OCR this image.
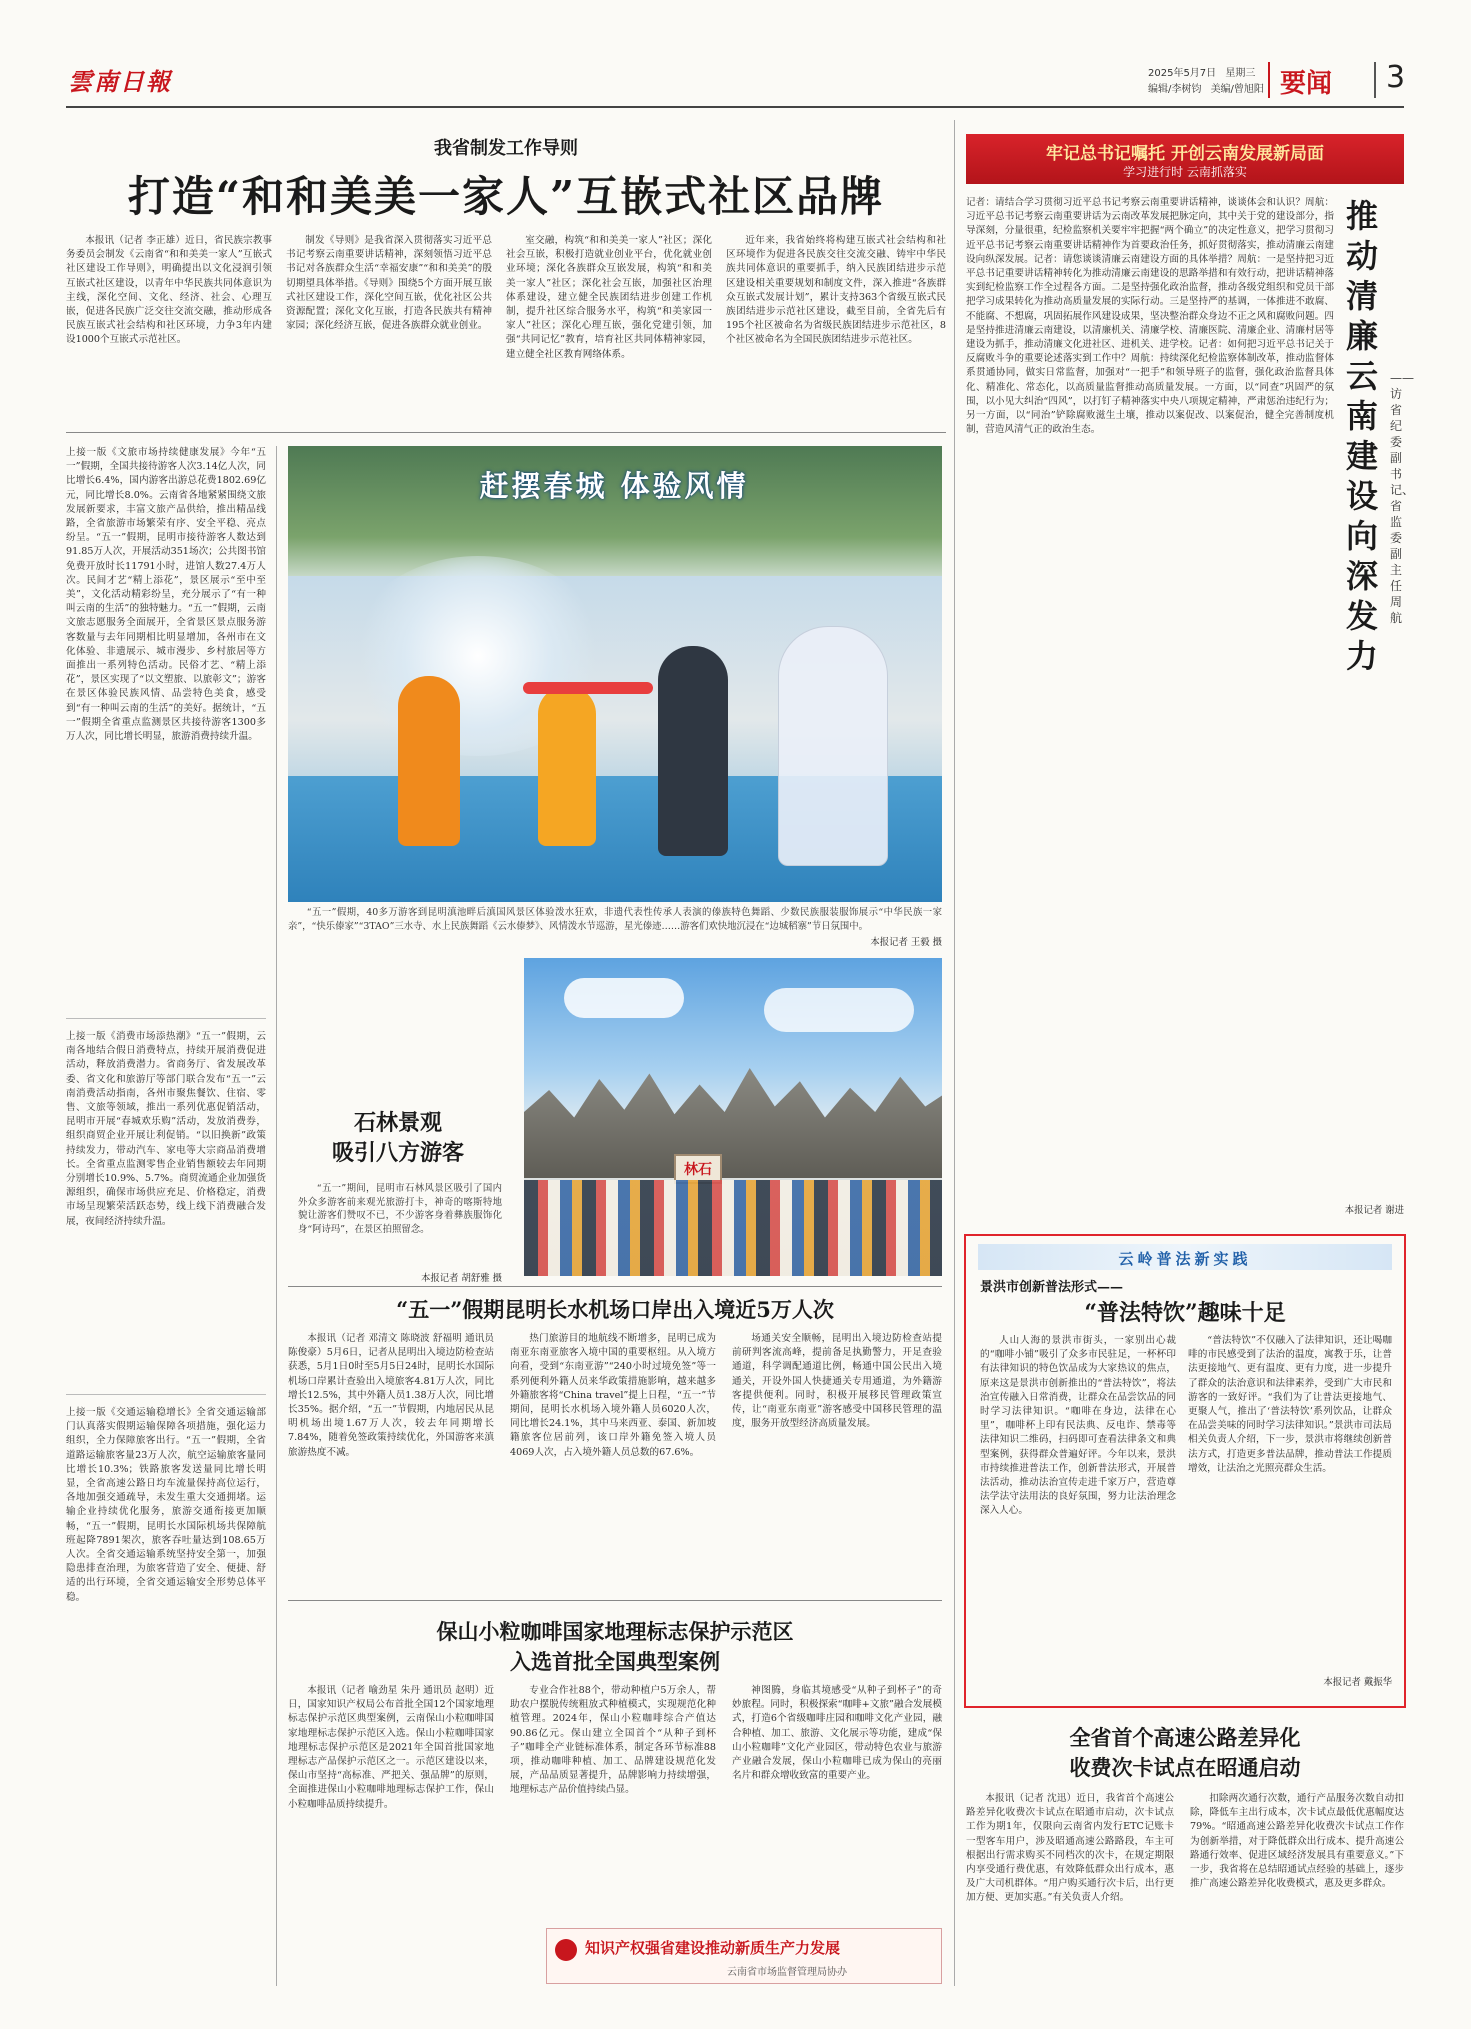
雲南日報	2025年5月7日 星期三
编辑/李树钧 美编/曾旭阳 要闻 3
我省制发工作导则
打造“和和美美一家人”互嵌式社区品牌
本报讯（记者 李正雄）近日，省民族宗教事务委员会制发《云南省“和和美美一家人”互嵌式社区建设工作导则》，明确提出以文化浸润引领互嵌式社区建设，以青年中华民族共同体意识为主线，深化空间、文化、经济、社会、心理互嵌，促进各民族广泛交往交流交融，推动形成各民族互嵌式社会结构和社区环境，力争3年内建设1000个互嵌式示范社区。
制发《导则》是我省深入贯彻落实习近平总书记考察云南重要讲话精神，深刻领悟习近平总书记对各族群众生活“幸福安康”“和和美美”的殷切期望具体举措。《导则》围绕5个方面开展互嵌式社区建设工作，深化空间互嵌，优化社区公共资源配置；深化文化互嵌，打造各民族共有精神家园；深化经济互嵌，促进各族群众就业创业。
室交融，构筑“和和美美一家人”社区；深化社会互嵌，积极打造就业创业平台，优化就业创业环境；深化各族群众互嵌发展，构筑“和和美美一家人”社区；深化社会互嵌，加强社区治理体系建设，建立健全民族团结进步创建工作机制，提升社区综合服务水平，构筑“和美家园一家人”社区；深化心理互嵌，强化党建引领，加强“共同记忆”教育，培育社区共同体精神家园，建立健全社区教育网络体系。
近年来，我省始终将构建互嵌式社会结构和社区环境作为促进各民族交往交流交融、铸牢中华民族共同体意识的重要抓手，纳入民族团结进步示范区建设相关重要规划和制度文件，深入推进“各族群众互嵌式发展计划”，累计支持363个省级互嵌式民族团结进步示范社区建设，截至目前，全省先后有195个社区被命名为省级民族团结进步示范社区，8个社区被命名为全国民族团结进步示范社区。
上接一版《文旅市场持续健康发展》今年“五一”假期，全国共接待游客人次3.14亿人次，同比增长6.4%，国内游客出游总花费1802.69亿元，同比增长8.0%。云南省各地紧紧围绕文旅发展新要求，丰富文旅产品供给，推出精品线路，全省旅游市场繁荣有序、安全平稳、亮点纷呈。“五一”假期，昆明市接待游客人数达到91.85万人次，开展活动351场次；公共图书馆免费开放时长11791小时，进馆人数27.4万人次。民间才艺“精上添花”，景区展示“至中至美”，文化活动精彩纷呈，充分展示了“有一种叫云南的生活”的独特魅力。“五一”假期，云南文旅志愿服务全面展开，全省景区景点服务游客数量与去年同期相比明显增加，各州市在文化体验、非遗展示、城市漫步、乡村旅居等方面推出一系列特色活动。民俗才艺、“精上添花”，景区实现了“以文塑旅、以旅彰文”；游客在景区体验民族风情、品尝特色美食，感受到“有一种叫云南的生活”的美好。据统计，“五一”假期全省重点监测景区共接待游客1300多万人次，同比增长明显，旅游消费持续升温。
上接一版《消费市场添热潮》“五一”假期，云南各地结合假日消费特点，持续开展消费促进活动，释放消费潜力。省商务厅、省发展改革委、省文化和旅游厅等部门联合发布“五一”云南消费活动指南，各州市聚焦餐饮、住宿、零售、文旅等领域，推出一系列优惠促销活动，昆明市开展“春城欢乐购”活动，发放消费券，组织商贸企业开展让利促销。“以旧换新”政策持续发力，带动汽车、家电等大宗商品消费增长。全省重点监测零售企业销售额较去年同期分别增长10.9%、5.7%。商贸流通企业加强货源组织，确保市场供应充足、价格稳定，消费市场呈现繁荣活跃态势，线上线下消费融合发展，夜间经济持续升温。
上接一版《交通运输稳增长》全省交通运输部门认真落实假期运输保障各项措施，强化运力组织，全力保障旅客出行。“五一”假期，全省道路运输旅客量23万人次，航空运输旅客量同比增长10.3%；铁路旅客发送量同比增长明显，全省高速公路日均车流量保持高位运行，各地加强交通疏导，未发生重大交通拥堵。运输企业持续优化服务，旅游交通衔接更加顺畅，“五一”假期，昆明长水国际机场共保障航班起降7891架次，旅客吞吐量达到108.65万人次。全省交通运输系统坚持安全第一，加强隐患排查治理，为旅客营造了安全、便捷、舒适的出行环境，全省交通运输安全形势总体平稳。
赶摆春城 体验风情
“五一”假期，40多万游客到昆明滇池畔后滇国风景区体验泼水狂欢，非遗代表性传承人表演的傣族特色舞蹈、少数民族服装服饰展示“中华民族一家亲”，“快乐傣家”“3TAO”三水寺、水上民族舞蹈《云水傣梦》、风情泼水节巡游，星光傣迹……游客们欢快地沉浸在“边城稻寨”节日氛围中。
本报记者 王毅 摄
石林景观
吸引八方游客
“五一”期间，昆明市石林风景区吸引了国内外众多游客前来观光旅游打卡，神奇的喀斯特地貌让游客们赞叹不已，不少游客身着彝族服饰化身“阿诗玛”，在景区拍照留念。
本报记者 胡舒雅 摄
林石
“五一”假期昆明长水机场口岸出入境近5万人次
本报讯（记者 邓清文 陈晓波 舒福明 通讯员 陈俊豪）5月6日，记者从昆明出入境边防检查站获悉，5月1日0时至5月5日24时，昆明长水国际机场口岸累计查验出入境旅客4.81万人次，同比增长12.5%，其中外籍人员1.38万人次，同比增长35%。据介绍，“五一”节假期，内地居民从昆明机场出境1.67万人次，较去年同期增长7.84%，随着免签政策持续优化，外国游客来滇旅游热度不减。
热门旅游目的地航线不断增多，昆明已成为南亚东南亚旅客入境中国的重要枢纽。从入境方向看，受到“东南亚游”“240小时过境免签”等一系列便利外籍人员来华政策措施影响，越来越多外籍旅客将“China travel”提上日程，“五一”节期间，昆明长水机场入境外籍人员6020人次，同比增长24.1%，其中马来西亚、泰国、新加坡籍旅客位居前列，该口岸外籍免签入境人员4069人次，占入境外籍人员总数的67.6%。
场通关安全顺畅，昆明出入境边防检查站提前研判客流高峰，提前备足执勤警力，开足查验通道，科学调配通道比例，畅通中国公民出入境通关，开设外国人快捷通关专用通道，为外籍游客提供便利。同时，积极开展移民管理政策宣传，让“南亚东南亚”游客感受中国移民管理的温度，服务开放型经济高质量发展。
保山小粒咖啡国家地理标志保护示范区
入选首批全国典型案例
本报讯（记者 喻劲星 朱丹 通讯员 赵明）近日，国家知识产权局公布首批全国12个国家地理标志保护示范区典型案例，云南保山小粒咖啡国家地理标志保护示范区入选。保山小粒咖啡国家地理标志保护示范区是2021年全国首批国家地理标志产品保护示范区之一。示范区建设以来，保山市坚持“高标准、严把关、强品牌”的原则，全面推进保山小粒咖啡地理标志保护工作，保山小粒咖啡品质持续提升。
专业合作社88个，带动种植户5万余人，帮助农户摆脱传统粗放式种植模式，实现规范化种植管理。2024年，保山小粒咖啡综合产值达90.86亿元。保山建立全国首个“从种子到杯子”咖啡全产业链标准体系，制定各环节标准88项，推动咖啡种植、加工、品牌建设规范化发展，产品品质显著提升，品牌影响力持续增强，地理标志产品价值持续凸显。
神图腾，身临其境感受“从种子到杯子”的奇妙旅程。同时，积极探索“咖啡+文旅”融合发展模式，打造6个省级咖啡庄园和咖啡文化产业园，融合种植、加工、旅游、文化展示等功能，建成“保山小粒咖啡”文化产业园区，带动特色农业与旅游产业融合发展，保山小粒咖啡已成为保山的亮丽名片和群众增收致富的重要产业。
知识产权强省建设推动新质生产力发展
云南省市场监督管理局协办
牢记总书记嘱托 开创云南发展新局面
学习进行时 云南抓落实
记者：请结合学习贯彻习近平总书记考察云南重要讲话精神，谈谈体会和认识？周航：习近平总书记考察云南重要讲话为云南改革发展把脉定向，其中关于党的建设部分，指导深刻，分量很重，纪检监察机关要牢牢把握“两个确立”的决定性意义，把学习贯彻习近平总书记考察云南重要讲话精神作为首要政治任务，抓好贯彻落实，推动清廉云南建设向纵深发展。记者：请您谈谈清廉云南建设方面的具体举措？周航：一是坚持把习近平总书记重要讲话精神转化为推动清廉云南建设的思路举措和有效行动，把讲话精神落实到纪检监察工作全过程各方面。二是坚持强化政治监督，推动各级党组织和党员干部把学习成果转化为推动高质量发展的实际行动。三是坚持严的基调，一体推进不敢腐、不能腐、不想腐，巩固拓展作风建设成果，坚决整治群众身边不正之风和腐败问题。四是坚持推进清廉云南建设，以清廉机关、清廉学校、清廉医院、清廉企业、清廉村居等建设为抓手，推动清廉文化进社区、进机关、进学校。记者：如何把习近平总书记关于反腐败斗争的重要论述落实到工作中？周航：持续深化纪检监察体制改革，推动监督体系贯通协同，做实日常监督，加强对“一把手”和领导班子的监督，强化政治监督具体化、精准化、常态化，以高质量监督推动高质量发展。一方面，以“同查”巩固严的氛围，以小见大纠治“四风”，以打钉子精神落实中央八项规定精神，严肃惩治违纪行为；另一方面，以“同治”铲除腐败滋生土壤，推动以案促改、以案促治，健全完善制度机制，营造风清气正的政治生态。
本报记者 谢进
推动清廉云南建设向深发力
——访省纪委副书记、省监委副主任周航
云岭普法新实践
景洪市创新普法形式——
“普法特饮”趣味十足
人山人海的景洪市街头，一家别出心裁的“咖啡小铺”吸引了众多市民驻足，一杯杯印有法律知识的特色饮品成为大家热议的焦点，原来这是景洪市创新推出的“普法特饮”，将法治宣传融入日常消费，让群众在品尝饮品的同时学习法律知识。“咖啡在身边，法律在心里”，咖啡杯上印有民法典、反电诈、禁毒等法律知识二维码，扫码即可查看法律条文和典型案例，获得群众普遍好评。今年以来，景洪市持续推进普法工作，创新普法形式，开展普法活动，推动法治宣传走进千家万户，营造尊法学法守法用法的良好氛围，努力让法治理念深入人心。
“普法特饮”不仅融入了法律知识，还让喝咖啡的市民感受到了法治的温度，寓教于乐，让普法更接地气、更有温度、更有力度，进一步提升了群众的法治意识和法律素养，受到广大市民和游客的一致好评。“我们为了让普法更接地气、更聚人气，推出了‘普法特饮’系列饮品，让群众在品尝美味的同时学习法律知识。”景洪市司法局相关负责人介绍，下一步，景洪市将继续创新普法方式，打造更多普法品牌，推动普法工作提质增效，让法治之光照亮群众生活。
本报记者 戴振华
全省首个高速公路差异化
收费次卡试点在昭通启动
本报讯（记者 沈迅）近日，我省首个高速公路差异化收费次卡试点在昭通市启动，次卡试点工作为期1年，仅限向云南省内发行ETC记账卡一型客车用户，涉及昭通高速公路路段，车主可根据出行需求购买不同档次的次卡，在规定期限内享受通行费优惠，有效降低群众出行成本，惠及广大司机群体。“用户购买通行次卡后，出行更加方便、更加实惠。”有关负责人介绍。
扣除两次通行次数，通行产品服务次数自动扣除，降低车主出行成本，次卡试点最低优惠幅度达79%。“昭通高速公路差异化收费次卡试点工作作为创新举措，对于降低群众出行成本、提升高速公路通行效率、促进区域经济发展具有重要意义。”下一步，我省将在总结昭通试点经验的基础上，逐步推广高速公路差异化收费模式，惠及更多群众。
